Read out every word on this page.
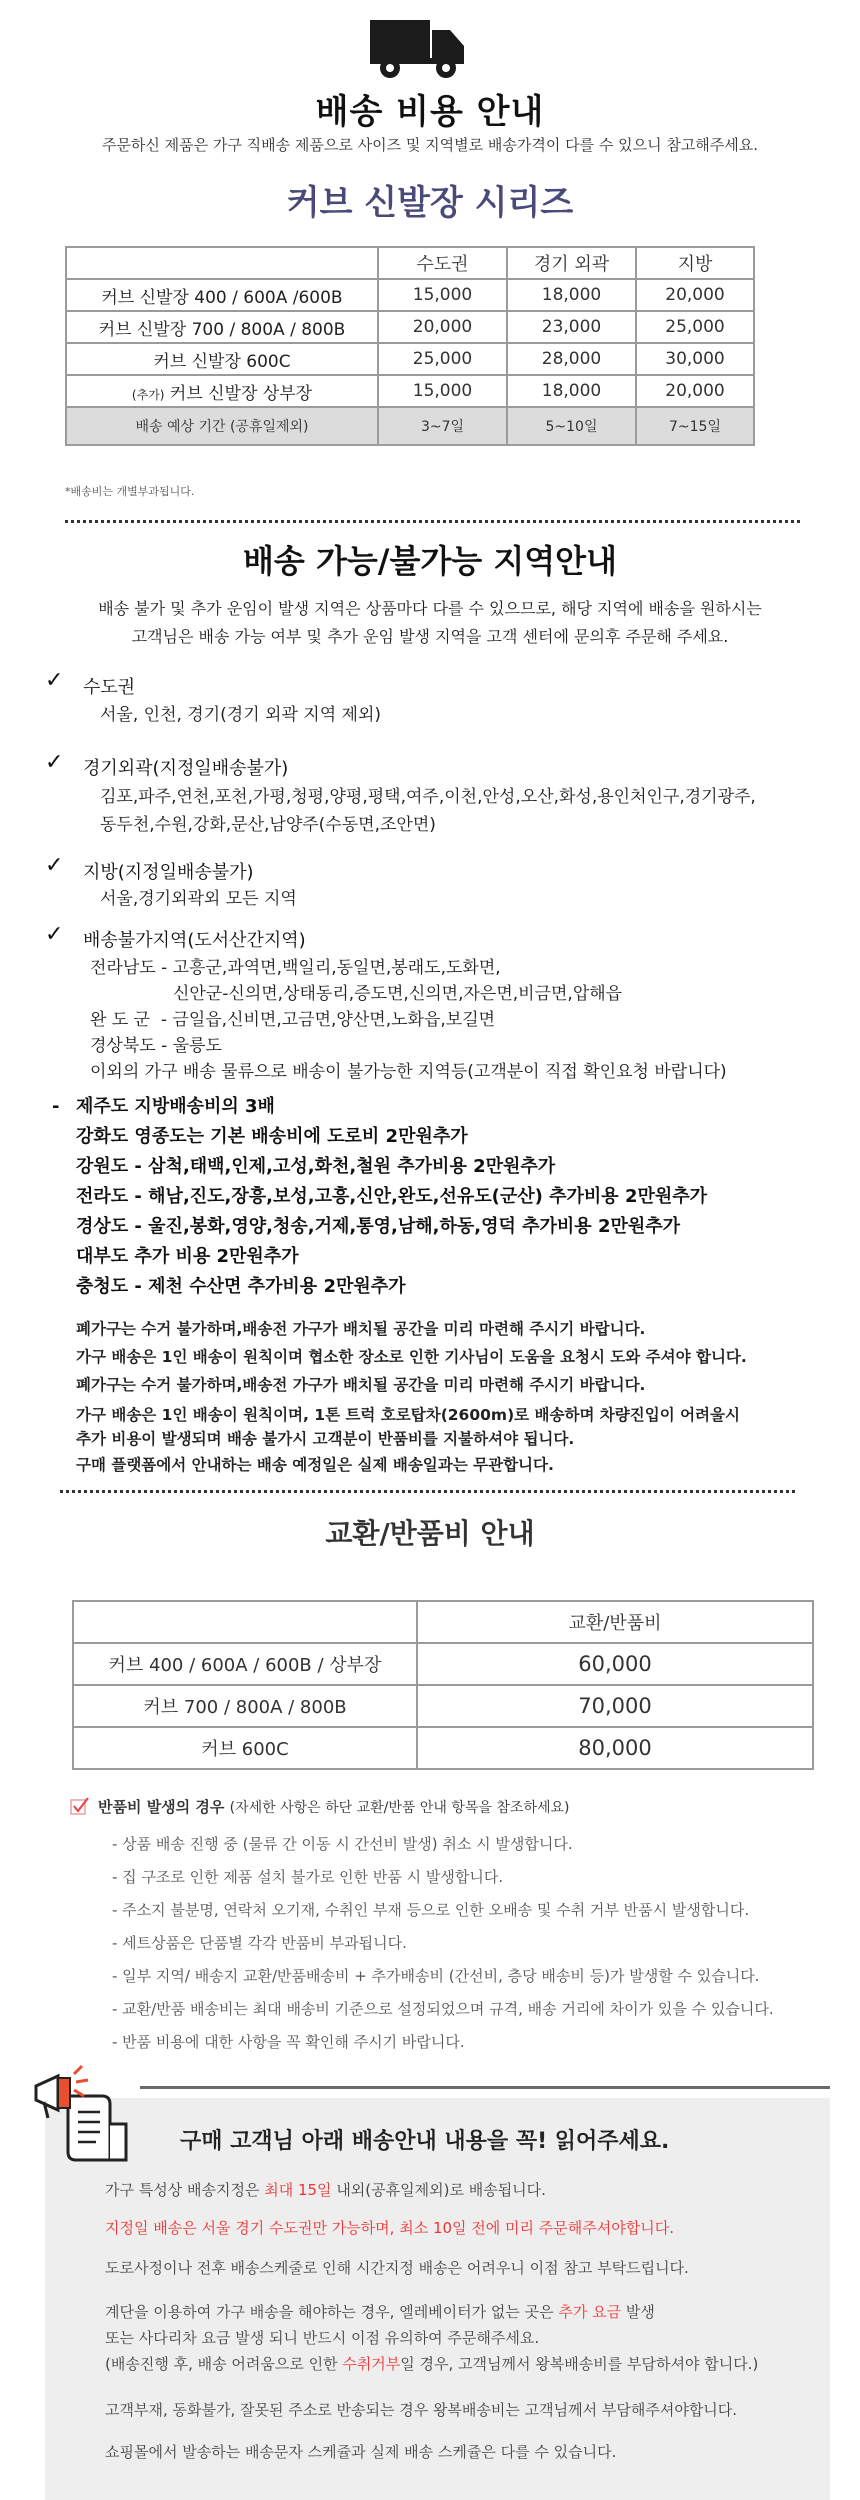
배송 비용 안내
주문하신 제품은 가구 직배송 제품으로 사이즈 및 지역별로 배송가격이 다를 수 있으니 참고해주세요.
커브 신발장 시리즈
	수도권	경기 외곽	지방
커브 신발장 400 / 600A /600B	15,000	18,000	20,000
커브 신발장 700 / 800A / 800B	20,000	23,000	25,000
커브 신발장 600C	25,000	28,000	30,000
(추가) 커브 신발장 상부장	15,000	18,000	20,000
배송 예상 기간 (공휴일제외)	3~7일	5~10일	7~15일
*배송비는 개별부과됩니다.
배송 가능/불가능 지역안내
배송 불가 및 추가 운임이 발생 지역은 상품마다 다를 수 있으므로, 해당 지역에 배송을 원하시는
고객님은 배송 가능 여부 및 추가 운임 발생 지역을 고객 센터에 문의후 주문해 주세요.
✓ 수도권
서울, 인천, 경기(경기 외곽 지역 제외)
✓ 경기외곽(지정일배송불가)
김포,파주,연천,포천,가평,청평,양평,평택,여주,이천,안성,오산,화성,용인처인구,경기광주,
동두천,수원,강화,문산,남양주(수동면,조안면)
✓ 지방(지정일배송불가)
서울,경기외곽외 모든 지역
✓ 배송불가지역(도서산간지역)
전라남도 - 고흥군,과역면,백일리,동일면,봉래도,도화면,
신안군-신의면,상태동리,증도면,신의면,자은면,비금면,압해읍
완 도 군  - 금일읍,신비면,고금면,양산면,노화읍,보길면
경상북도 - 울릉도
이외의 가구 배송 물류으로 배송이 불가능한 지역등(고객분이 직접 확인요청 바랍니다)
- 제주도 지방배송비의 3배
강화도 영종도는 기본 배송비에 도로비 2만원추가
강원도 - 삼척,태백,인제,고성,화천,철원 추가비용 2만원추가
전라도 - 해남,진도,장흥,보성,고흥,신안,완도,선유도(군산) 추가비용 2만원추가
경상도 - 울진,봉화,영양,청송,거제,통영,남해,하동,영덕 추가비용 2만원추가
대부도 추가 비용 2만원추가
충청도 - 제천 수산면 추가비용 2만원추가
폐가구는 수거 불가하며,배송전 가구가 배치될 공간을 미리 마련해 주시기 바랍니다.
가구 배송은 1인 배송이 원칙이며 협소한 장소로 인한 기사님이 도움을 요청시 도와 주셔야 합니다.
폐가구는 수거 불가하며,배송전 가구가 배치될 공간을 미리 마련해 주시기 바랍니다.
가구 배송은 1인 배송이 원칙이며, 1톤 트럭 호로탑차(2600m)로 배송하며 차량진입이 어려울시
추가 비용이 발생되며 배송 불가시 고객분이 반품비를 지불하셔야 됩니다.
구매 플랫폼에서 안내하는 배송 예정일은 실제 배송일과는 무관합니다.
교환/반품비 안내
	교환/반품비
커브 400 / 600A / 600B / 상부장	60,000
커브 700 / 800A / 800B	70,000
커브 600C	80,000
반품비 발생의 경우 (자세한 사항은 하단 교환/반품 안내 항목을 참조하세요)
- 상품 배송 진행 중 (물류 간 이동 시 간선비 발생) 취소 시 발생합니다.
- 집 구조로 인한 제품 설치 불가로 인한 반품 시 발생합니다.
- 주소지 불분명, 연락처 오기재, 수취인 부재 등으로 인한 오배송 및 수취 거부 반품시 발생합니다.
- 세트상품은 단품별 각각 반품비 부과됩니다.
- 일부 지역/ 배송지 교환/반품배송비 + 추가배송비 (간선비, 층당 배송비 등)가 발생할 수 있습니다.
- 교환/반품 배송비는 최대 배송비 기준으로 설정되었으며 규격, 배송 거리에 차이가 있을 수 있습니다.
- 반품 비용에 대한 사항을 꼭 확인해 주시기 바랍니다.
구매 고객님 아래 배송안내 내용을 꼭! 읽어주세요.
가구 특성상 배송지정은 최대 15일 내외(공휴일제외)로 배송됩니다.
지정일 배송은 서울 경기 수도권만 가능하며, 최소 10일 전에 미리 주문해주셔야합니다.
도로사정이나 전후 배송스케줄로 인해 시간지정 배송은 어려우니 이점 참고 부탁드립니다.
계단을 이용하여 가구 배송을 해야하는 경우, 엘레베이터가 없는 곳은 추가 요금 발생
또는 사다리차 요금 발생 되니 반드시 이점 유의하여 주문해주세요.
(배송진행 후, 배송 어려움으로 인한 수취거부일 경우, 고객님께서 왕복배송비를 부담하셔야 합니다.)
고객부재, 동화불가, 잘못된 주소로 반송되는 경우 왕복배송비는 고객님께서 부담해주셔야합니다.
쇼핑몰에서 발송하는 배송문자 스케쥴과 실제 배송 스케쥴은 다를 수 있습니다.
